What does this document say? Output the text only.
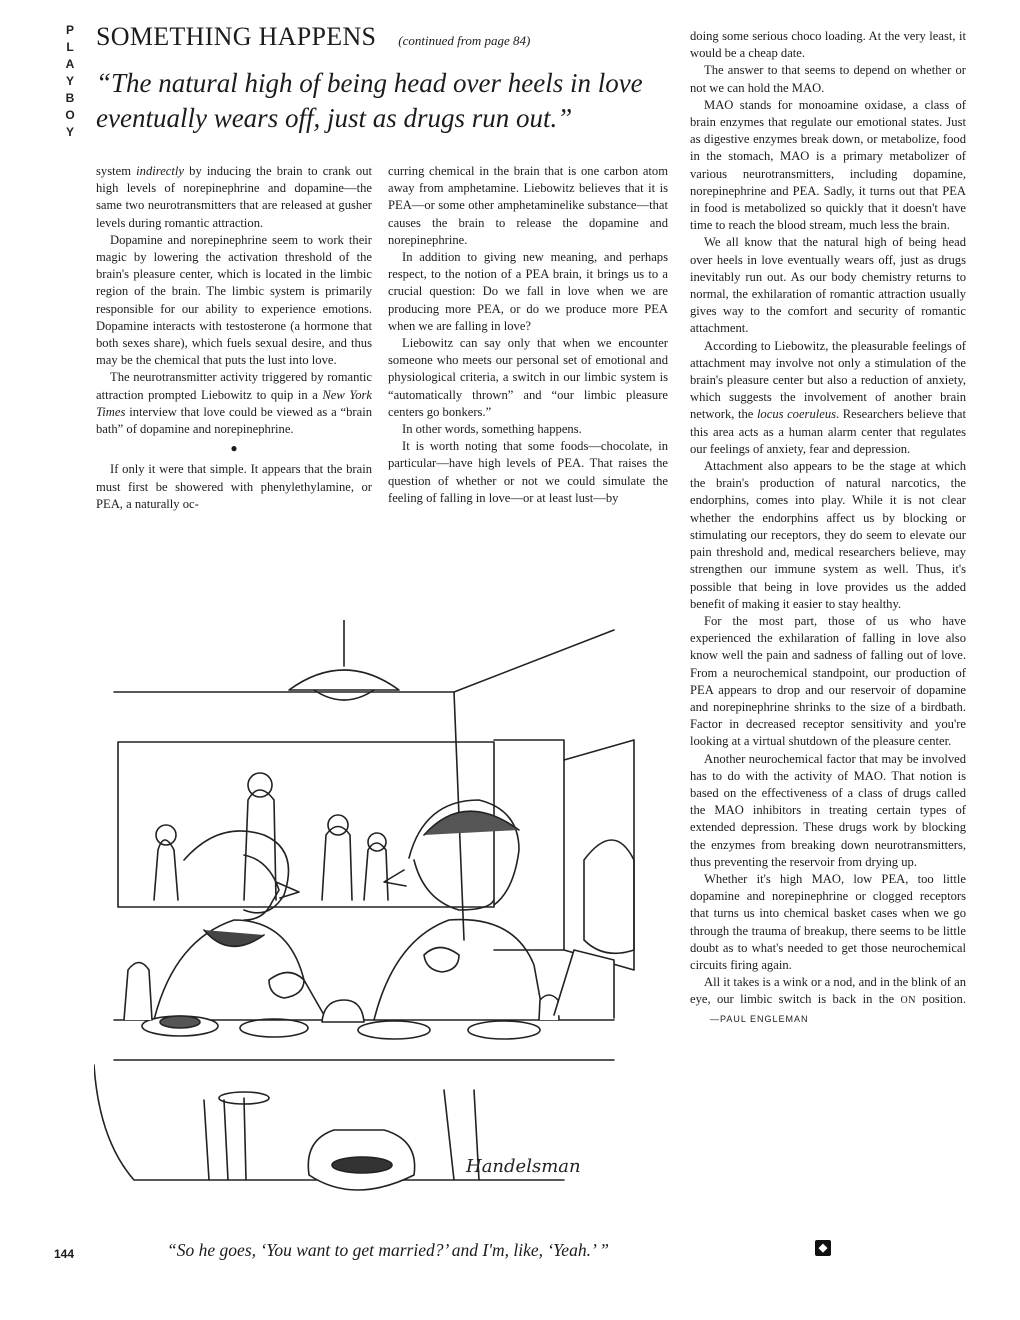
P
L
A
Y
B
O
Y
SOMETHING HAPPENS (continued from page 84)
“The natural high of being head over heels in love eventually wears off, just as drugs run out.”

system indirectly by inducing the brain to crank out high levels of norepinephrine and dopamine—the same two neurotransmitters that are released at gusher levels during romantic attraction.

Dopamine and norepinephrine seem to work their magic by lowering the activation threshold of the brain's pleasure center, which is located in the limbic region of the brain. The limbic system is primarily responsible for our ability to experience emotions. Dopamine interacts with testosterone (a hormone that both sexes share), which fuels sexual desire, and thus may be the chemical that puts the lust into love.

The neurotransmitter activity triggered by romantic attraction prompted Liebowitz to quip in a New York Times interview that love could be viewed as a “brain bath” of dopamine and norepinephrine.

●

If only it were that simple. It appears that the brain must first be showered with phenylethylamine, or PEA, a naturally oc-

curring chemical in the brain that is one carbon atom away from amphetamine. Liebowitz believes that it is PEA—or some other amphetaminelike substance—that causes the brain to release the dopamine and norepinephrine.

In addition to giving new meaning, and perhaps respect, to the notion of a PEA brain, it brings us to a crucial question: Do we fall in love when we are producing more PEA, or do we produce more PEA when we are falling in love?

Liebowitz can say only that when we encounter someone who meets our personal set of emotional and physiological criteria, a switch in our limbic system is “automatically thrown” and “our limbic pleasure centers go bonkers.”

In other words, something happens.

It is worth noting that some foods—chocolate, in particular—have high levels of PEA. That raises the question of whether or not we could simulate the feeling of falling in love—or at least lust—by

doing some serious choco loading. At the very least, it would be a cheap date.

The answer to that seems to depend on whether or not we can hold the MAO.

MAO stands for monoamine oxidase, a class of brain enzymes that regulate our emotional states. Just as digestive enzymes break down, or metabolize, food in the stomach, MAO is a primary metabolizer of various neurotransmitters, including dopamine, norepinephrine and PEA. Sadly, it turns out that PEA in food is metabolized so quickly that it doesn't have time to reach the blood stream, much less the brain.

We all know that the natural high of being head over heels in love eventually wears off, just as drugs inevitably run out. As our body chemistry returns to normal, the exhilaration of romantic attraction usually gives way to the comfort and security of romantic attachment.

According to Liebowitz, the pleasurable feelings of attachment may involve not only a stimulation of the brain's pleasure center but also a reduction of anxiety, which suggests the involvement of another brain network, the locus coeruleus. Researchers believe that this area acts as a human alarm center that regulates our feelings of anxiety, fear and depression.

Attachment also appears to be the stage at which the brain's production of natural narcotics, the endorphins, comes into play. While it is not clear whether the endorphins affect us by blocking or stimulating our receptors, they do seem to elevate our pain threshold and, medical researchers believe, may strengthen our immune system as well. Thus, it's possible that being in love provides us the added benefit of making it easier to stay healthy.

For the most part, those of us who have experienced the exhilaration of falling in love also know well the pain and sadness of falling out of love. From a neurochemical standpoint, our production of PEA appears to drop and our reservoir of dopamine and norepinephrine shrinks to the size of a birdbath. Factor in decreased receptor sensitivity and you're looking at a virtual shutdown of the pleasure center.

Another neurochemical factor that may be involved has to do with the activity of MAO. That notion is based on the effectiveness of a class of drugs called the MAO inhibitors in treating certain types of extended depression. These drugs work by blocking the enzymes from breaking down neurotransmitters, thus preventing the reservoir from drying up.

Whether it's high MAO, low PEA, too little dopamine and norepinephrine or clogged receptors that turns us into chemical basket cases when we go through the trauma of breakup, there seems to be little doubt as to what's needed to get those neurochemical circuits firing again.

All it takes is a wink or a nod, and in the blink of an eye, our limbic switch is back in the ON position.—PAUL ENGLEMAN

◆
Handelsman
“So he goes, ‘You want to get married?’ and I'm, like, ‘Yeah.’ ”
144
